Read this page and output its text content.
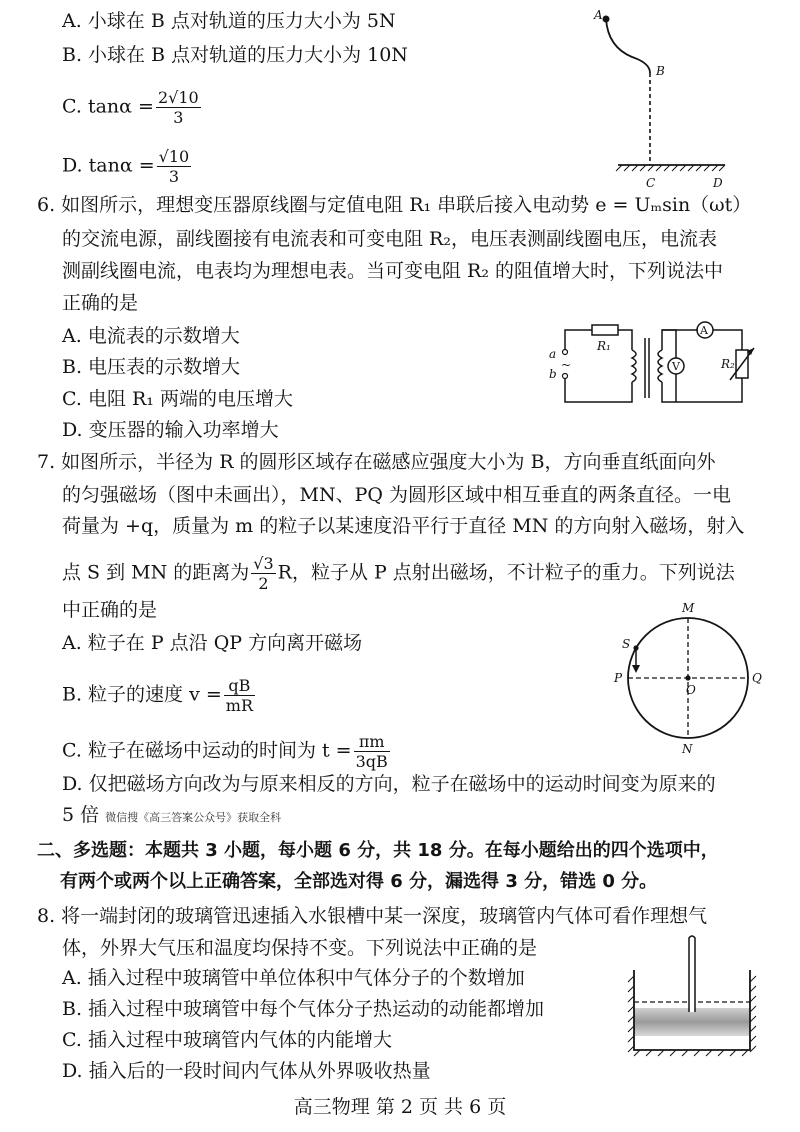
A. 小球在 B 点对轨道的压力大小为 5N
B. 小球在 B 点对轨道的压力大小为 10N
C. $\tan\alpha = \frac{2√10}{3}$
D. $\tan\alpha = \frac{√10}{3}$
A
B
C	D
6. 如图所示，理想变压器原线圈与定值电阻 R₁ 串联后接入电动势 e = Uₘsin（ωt）
的交流电源，副线圈接有电流表和可变电阻 R₂，电压表测副线圈电压，电流表
测副线圈电流，电表均为理想电表。当可变电阻 R₂ 的阻值增大时，下列说法中
正确的是
A. 电流表的示数增大
B. 电压表的示数增大
C. 电阻 R₁ 两端的电压增大
D. 变压器的输入功率增大
a
b
~
R₁
R₂
A
V
7. 如图所示，半径为 R 的圆形区域存在磁感应强度大小为 B，方向垂直纸面向外
的匀强磁场（图中未画出），MN、PQ 为圆形区域中相互垂直的两条直径。一电
荷量为 +q，质量为 m 的粒子以某速度沿平行于直径 MN 的方向射入磁场，射入
点 S 到 MN 的距离为 $\frac{√3}{2}$ R，粒子从 P 点射出磁场，不计粒子的重力。下列说法
中正确的是
A. 粒子在 P 点沿 QP 方向离开磁场
B. 粒子的速度 $v = \frac{qB}{mR}$
C. 粒子在磁场中运动的时间为 $t = \frac{\pi m}{3qB}$
D. 仅把磁场方向改为与原来相反的方向，粒子在磁场中的运动时间变为原来的
5 倍 微信搜《高三答案公众号》获取全科
M
N
P	Q
O
S
二、多选题：本题共 3 小题，每小题 6 分，共 18 分。在每小题给出的四个选项中，
有两个或两个以上正确答案，全部选对得 6 分，漏选得 3 分，错选 0 分。
8. 将一端封闭的玻璃管迅速插入水银槽中某一深度，玻璃管内气体可看作理想气
体，外界大气压和温度均保持不变。下列说法中正确的是
A. 插入过程中玻璃管中单位体积中气体分子的个数增加
B. 插入过程中玻璃管中每个气体分子热运动的动能都增加
C. 插入过程中玻璃管内气体的内能增大
D. 插入后的一段时间内气体从外界吸收热量
高三物理 第 2 页 共 6 页
